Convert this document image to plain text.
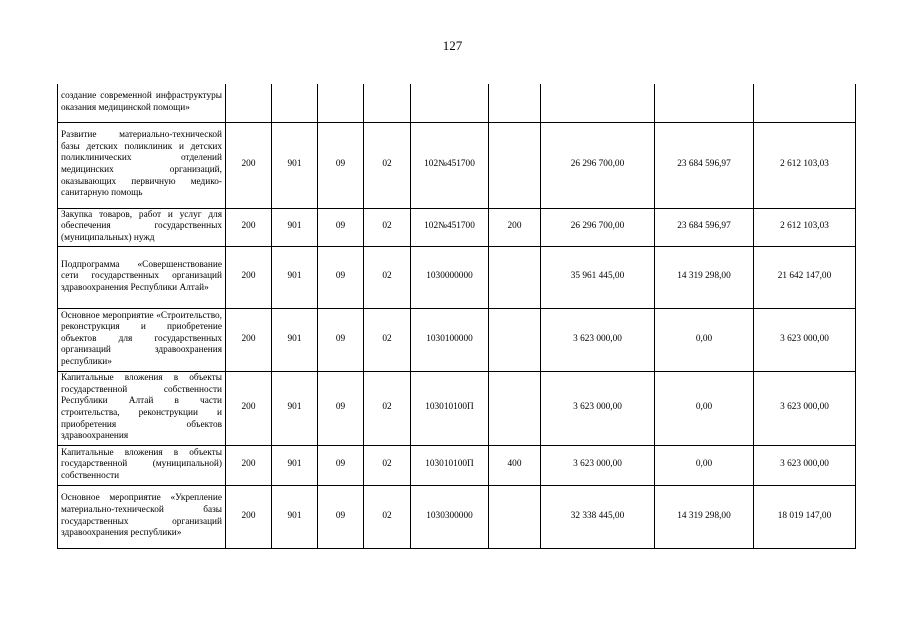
127
создание современной инфраструктуры оказания медицинской помощи»									
Развитие материально-технической базы детских поликлиник и детских поликлинических отделений медицинских организаций, оказывающих первичную медико-санитарную помощь	200	901	09	02	102№451700		26 296 700,00	23 684 596,97	2 612 103,03
Закупка товаров, работ и услуг для обеспечения государственных (муниципальных) нужд	200	901	09	02	102№451700	200	26 296 700,00	23 684 596,97	2 612 103,03
Подпрограмма «Совершенствование сети государственных организаций здравоохранения Республики Алтай»	200	901	09	02	1030000000		35 961 445,00	14 319 298,00	21 642 147,00
Основное мероприятие «Строительство, реконструкция и приобретение объектов для государственных организаций здравоохранения республики»	200	901	09	02	1030100000		3 623 000,00	0,00	3 623 000,00
Капитальные вложения в объекты государственной собственности Республики Алтай в части строительства, реконструкции и приобретения объектов здравоохранения	200	901	09	02	103010100П		3 623 000,00	0,00	3 623 000,00
Капитальные вложения в объекты государственной (муниципальной) собственности	200	901	09	02	103010100П	400	3 623 000,00	0,00	3 623 000,00
Основное мероприятие «Укрепление материально-технической базы государственных организаций здравоохранения республики»	200	901	09	02	1030300000		32 338 445,00	14 319 298,00	18 019 147,00
